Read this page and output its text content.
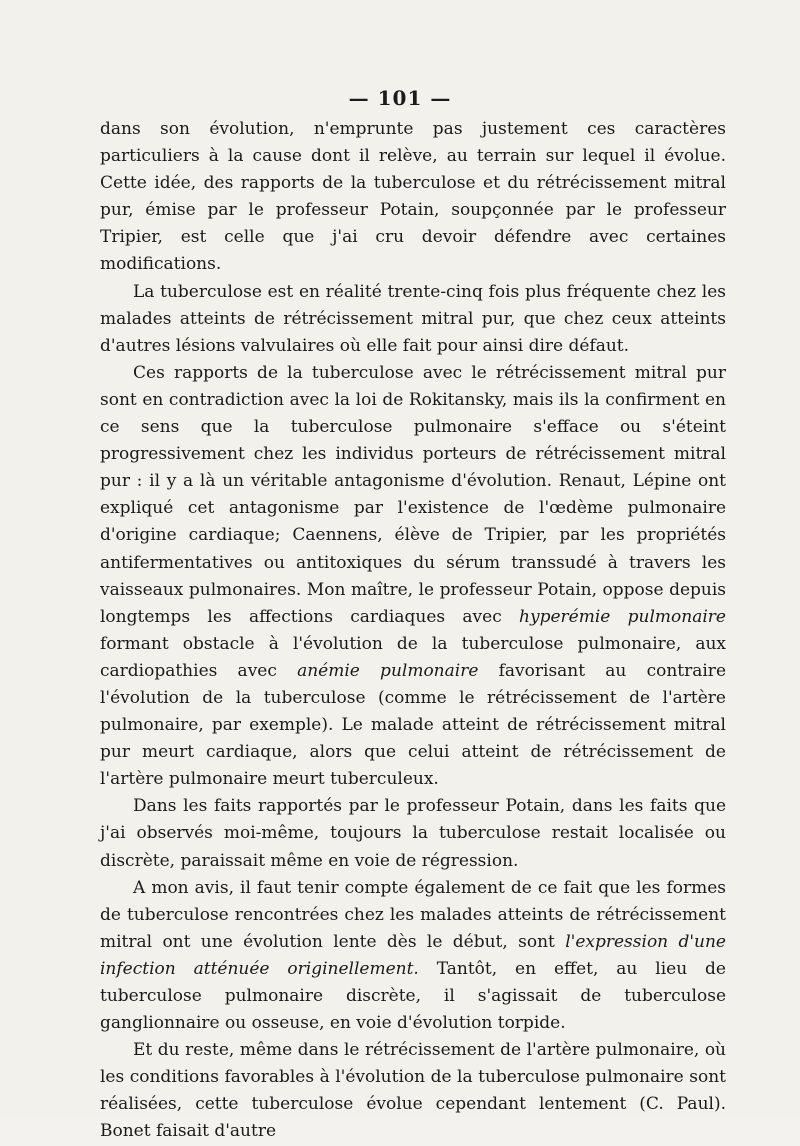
— 101 —

dans son évolution, n'emprunte pas justement ces caractères particuliers à la cause dont il relève, au terrain sur lequel il évolue. Cette idée, des rapports de la tuberculose et du rétrécissement mitral pur, émise par le professeur Potain, soupçonnée par le professeur Tripier, est celle que j'ai cru devoir défendre avec certaines modifications.

La tuberculose est en réalité trente-cinq fois plus fréquente chez les malades atteints de rétrécissement mitral pur, que chez ceux atteints d'autres lésions valvulaires où elle fait pour ainsi dire défaut.

Ces rapports de la tuberculose avec le rétrécissement mitral pur sont en contradiction avec la loi de Rokitansky, mais ils la confirment en ce sens que la tuberculose pulmonaire s'efface ou s'éteint progressivement chez les individus porteurs de rétrécissement mitral pur : il y a là un véritable antagonisme d'évolution. Renaut, Lépine ont expliqué cet antagonisme par l'existence de l'œdème pulmonaire d'origine cardiaque; Caennens, élève de Tripier, par les propriétés antifermentatives ou antitoxiques du sérum transsudé à travers les vaisseaux pulmonaires. Mon maître, le professeur Potain, oppose depuis longtemps les affections cardiaques avec hyperémie pulmonaire formant obstacle à l'évolution de la tuberculose pulmonaire, aux cardiopathies avec anémie pulmonaire favorisant au contraire l'évolution de la tuberculose (comme le rétrécissement de l'artère pulmonaire, par exemple). Le malade atteint de rétrécissement mitral pur meurt cardiaque, alors que celui atteint de rétrécissement de l'artère pulmonaire meurt tuberculeux.

Dans les faits rapportés par le professeur Potain, dans les faits que j'ai observés moi-même, toujours la tuberculose restait localisée ou discrète, paraissait même en voie de régression.

A mon avis, il faut tenir compte également de ce fait que les formes de tuberculose rencontrées chez les malades atteints de rétrécissement mitral ont une évolution lente dès le début, sont l'expression d'une infection atténuée originellement. Tantôt, en effet, au lieu de tuberculose pulmonaire discrète, il s'agissait de tuberculose ganglionnaire ou osseuse, en voie d'évolution torpide.

Et du reste, même dans le rétrécissement de l'artère pulmonaire, où les conditions favorables à l'évolution de la tuberculose pulmonaire sont réalisées, cette tuberculose évolue cependant lentement (C. Paul). Bonet faisait d'autre
